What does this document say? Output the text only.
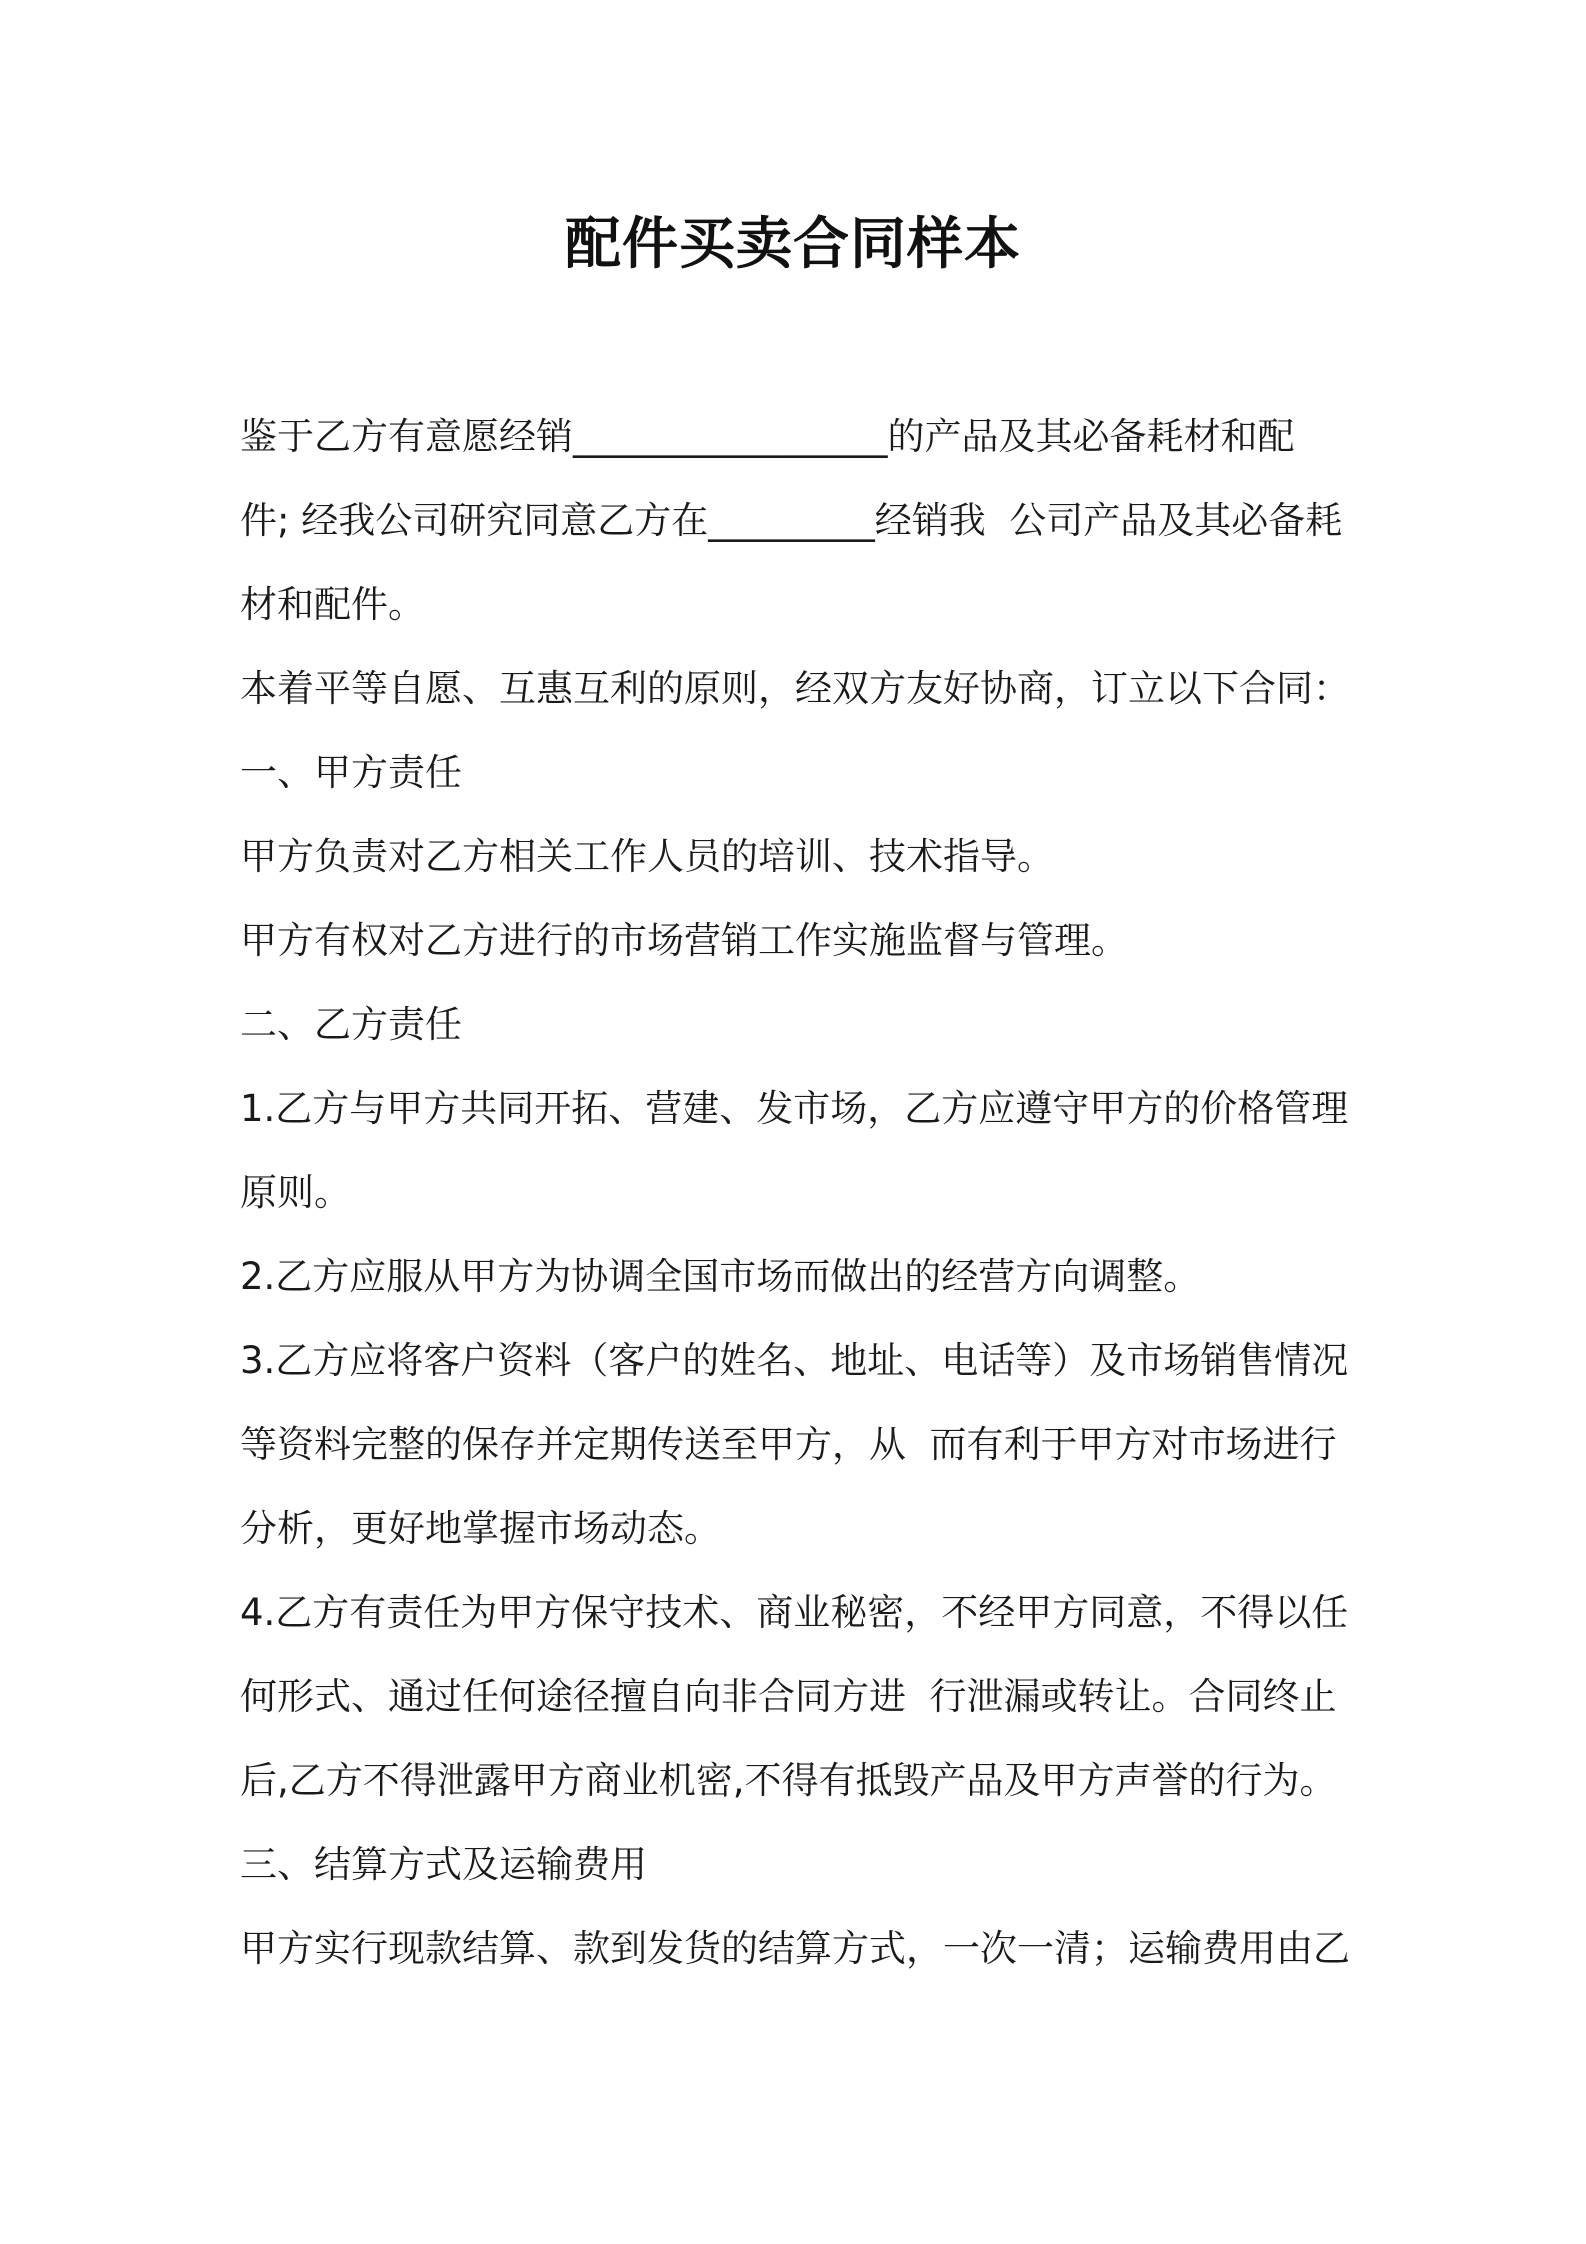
配件买卖合同样本
鉴于乙方有意愿经销_________________的产品及其必备耗材和配
件; 经我公司研究同意乙方在_________经销我  公司产品及其必备耗
材和配件。
本着平等自愿、互惠互利的原则，经双方友好协商，订立以下合同：
一、甲方责任
甲方负责对乙方相关工作人员的培训、技术指导。
甲方有权对乙方进行的市场营销工作实施监督与管理。
二、乙方责任
1.乙方与甲方共同开拓、营建、发市场，乙方应遵守甲方的价格管理
原则。
2.乙方应服从甲方为协调全国市场而做出的经营方向调整。
3.乙方应将客户资料（客户的姓名、地址、电话等）及市场销售情况
等资料完整的保存并定期传送至甲方，从  而有利于甲方对市场进行
分析，更好地掌握市场动态。
4.乙方有责任为甲方保守技术、商业秘密，不经甲方同意，不得以任
何形式、通过任何途径擅自向非合同方进  行泄漏或转让。合同终止
后,乙方不得泄露甲方商业机密,不得有抵毁产品及甲方声誉的行为。
三、结算方式及运输费用
甲方实行现款结算、款到发货的结算方式，一次一清；运输费用由乙
